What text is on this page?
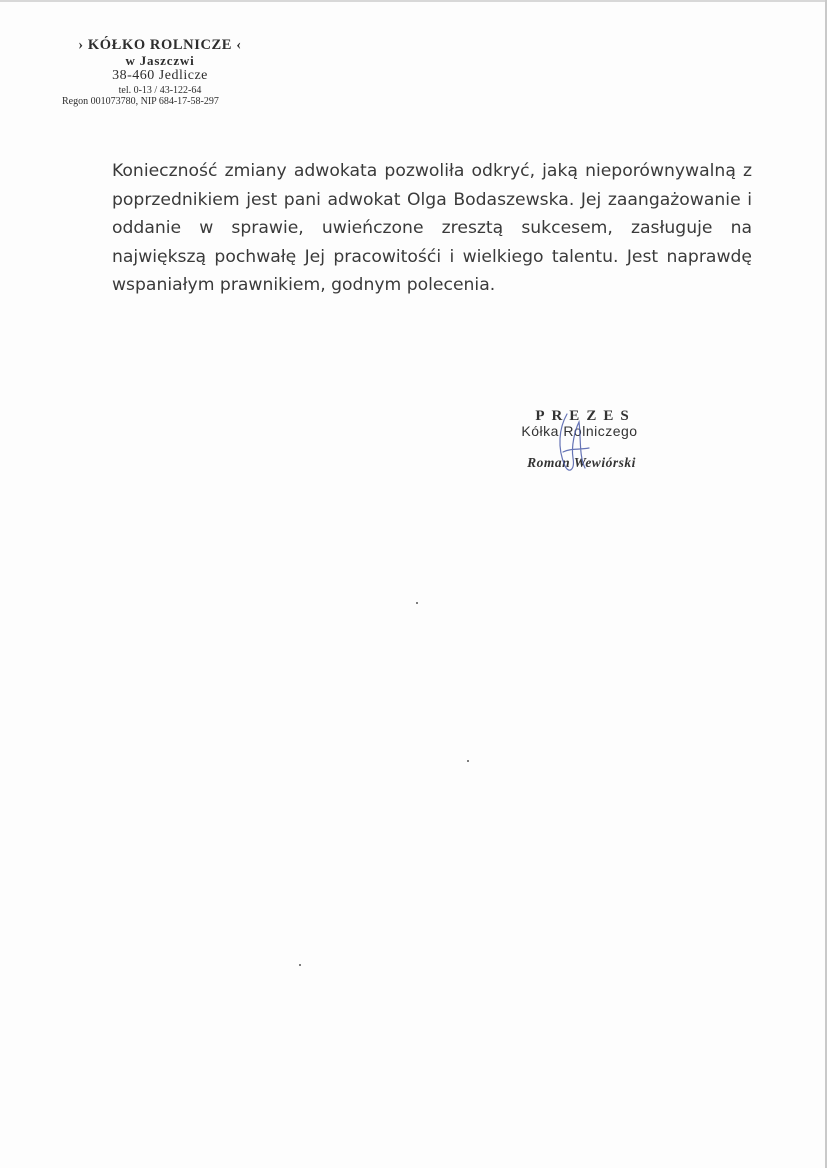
› KÓŁKO ROLNICZE ‹
w Jaszczwi
38-460 Jedlicze
tel. 0-13 / 43-122-64
Regon 001073780, NIP 684-17-58-297

Konieczność zmiany adwokata pozwoliła odkryć, jaką nieporównywalną z poprzednikiem jest pani adwokat Olga Bodaszewska. Jej zaangażowanie i oddanie w sprawie, uwieńczone zresztą sukcesem, zasługuje na największą pochwałę Jej pracowitośći i wielkiego talentu. Jest naprawdę wspaniałym prawnikiem, godnym polecenia.

PREZES
Kółka Rolniczego
Roman Wewiórski
